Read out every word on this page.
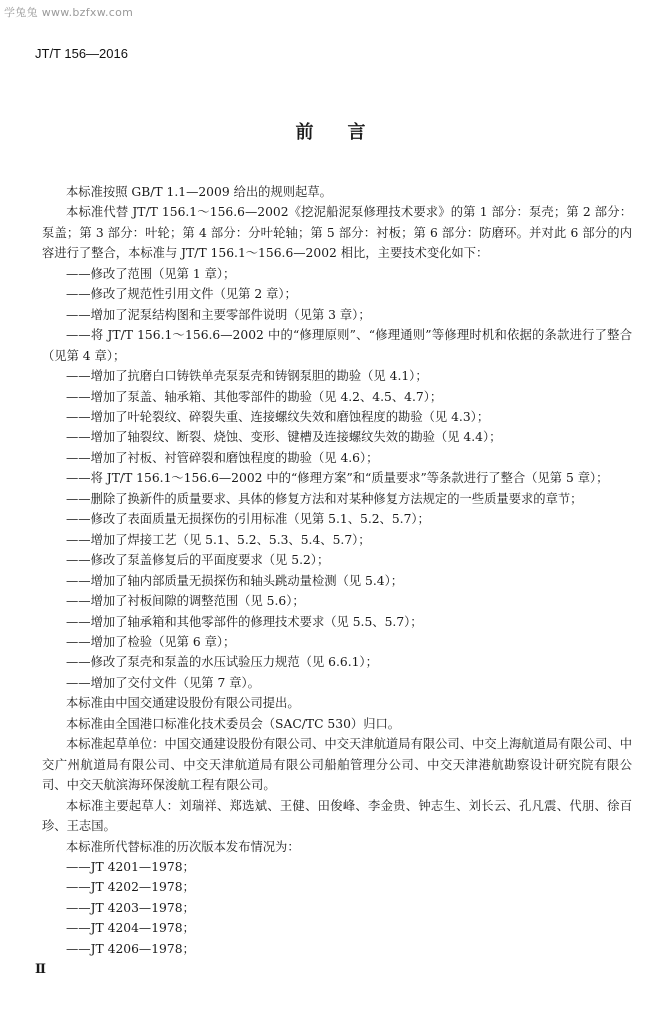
学兔兔 www.bzfxw.com
JT/T 156—2016
前言

本标准按照 GB/T 1.1—2009 给出的规则起草。

本标准代替 JT/T 156.1～156.6—2002《挖泥船泥泵修理技术要求》的第 1 部分：泵壳；第 2 部分：泵盖；第 3 部分：叶轮；第 4 部分：分叶轮轴；第 5 部分：衬板；第 6 部分：防磨环。并对此 6 部分的内容进行了整合，本标准与 JT/T 156.1～156.6—2002 相比，主要技术变化如下：

——修改了范围（见第 1 章）；

——修改了规范性引用文件（见第 2 章）；

——增加了泥泵结构图和主要零部件说明（见第 3 章）；

——将 JT/T 156.1～156.6—2002 中的“修理原则”、“修理通则”等修理时机和依据的条款进行了整合（见第 4 章）；

——增加了抗磨白口铸铁单壳泵泵壳和铸钢泵胆的勘验（见 4.1）；

——增加了泵盖、轴承箱、其他零部件的勘验（见 4.2、4.5、4.7）；

——增加了叶轮裂纹、碎裂失重、连接螺纹失效和磨蚀程度的勘验（见 4.3）；

——增加了轴裂纹、断裂、烧蚀、变形、键槽及连接螺纹失效的勘验（见 4.4）；

——增加了衬板、衬管碎裂和磨蚀程度的勘验（见 4.6）；

——将 JT/T 156.1～156.6—2002 中的“修理方案”和“质量要求”等条款进行了整合（见第 5 章）；

——删除了换新件的质量要求、具体的修复方法和对某种修复方法规定的一些质量要求的章节；

——修改了表面质量无损探伤的引用标准（见第 5.1、5.2、5.7）；

——增加了焊接工艺（见 5.1、5.2、5.3、5.4、5.7）；

——修改了泵盖修复后的平面度要求（见 5.2）；

——增加了轴内部质量无损探伤和轴头跳动量检测（见 5.4）；

——增加了衬板间隙的调整范围（见 5.6）；

——增加了轴承箱和其他零部件的修理技术要求（见 5.5、5.7）；

——增加了检验（见第 6 章）；

——修改了泵壳和泵盖的水压试验压力规范（见 6.6.1）；

——增加了交付文件（见第 7 章）。

本标准由中国交通建设股份有限公司提出。

本标准由全国港口标准化技术委员会（SAC/TC 530）归口。

本标准起草单位：中国交通建设股份有限公司、中交天津航道局有限公司、中交上海航道局有限公司、中交广州航道局有限公司、中交天津航道局有限公司船舶管理分公司、中交天津港航勘察设计研究院有限公司、中交天航滨海环保浚航工程有限公司。

本标准主要起草人：刘瑞祥、郑选斌、王健、田俊峰、李金贵、钟志生、刘长云、孔凡震、代朋、徐百珍、王志国。

本标准所代替标准的历次版本发布情况为：

——JT 4201—1978；

——JT 4202—1978；

——JT 4203—1978；

——JT 4204—1978；

——JT 4206—1978；

Ⅱ
